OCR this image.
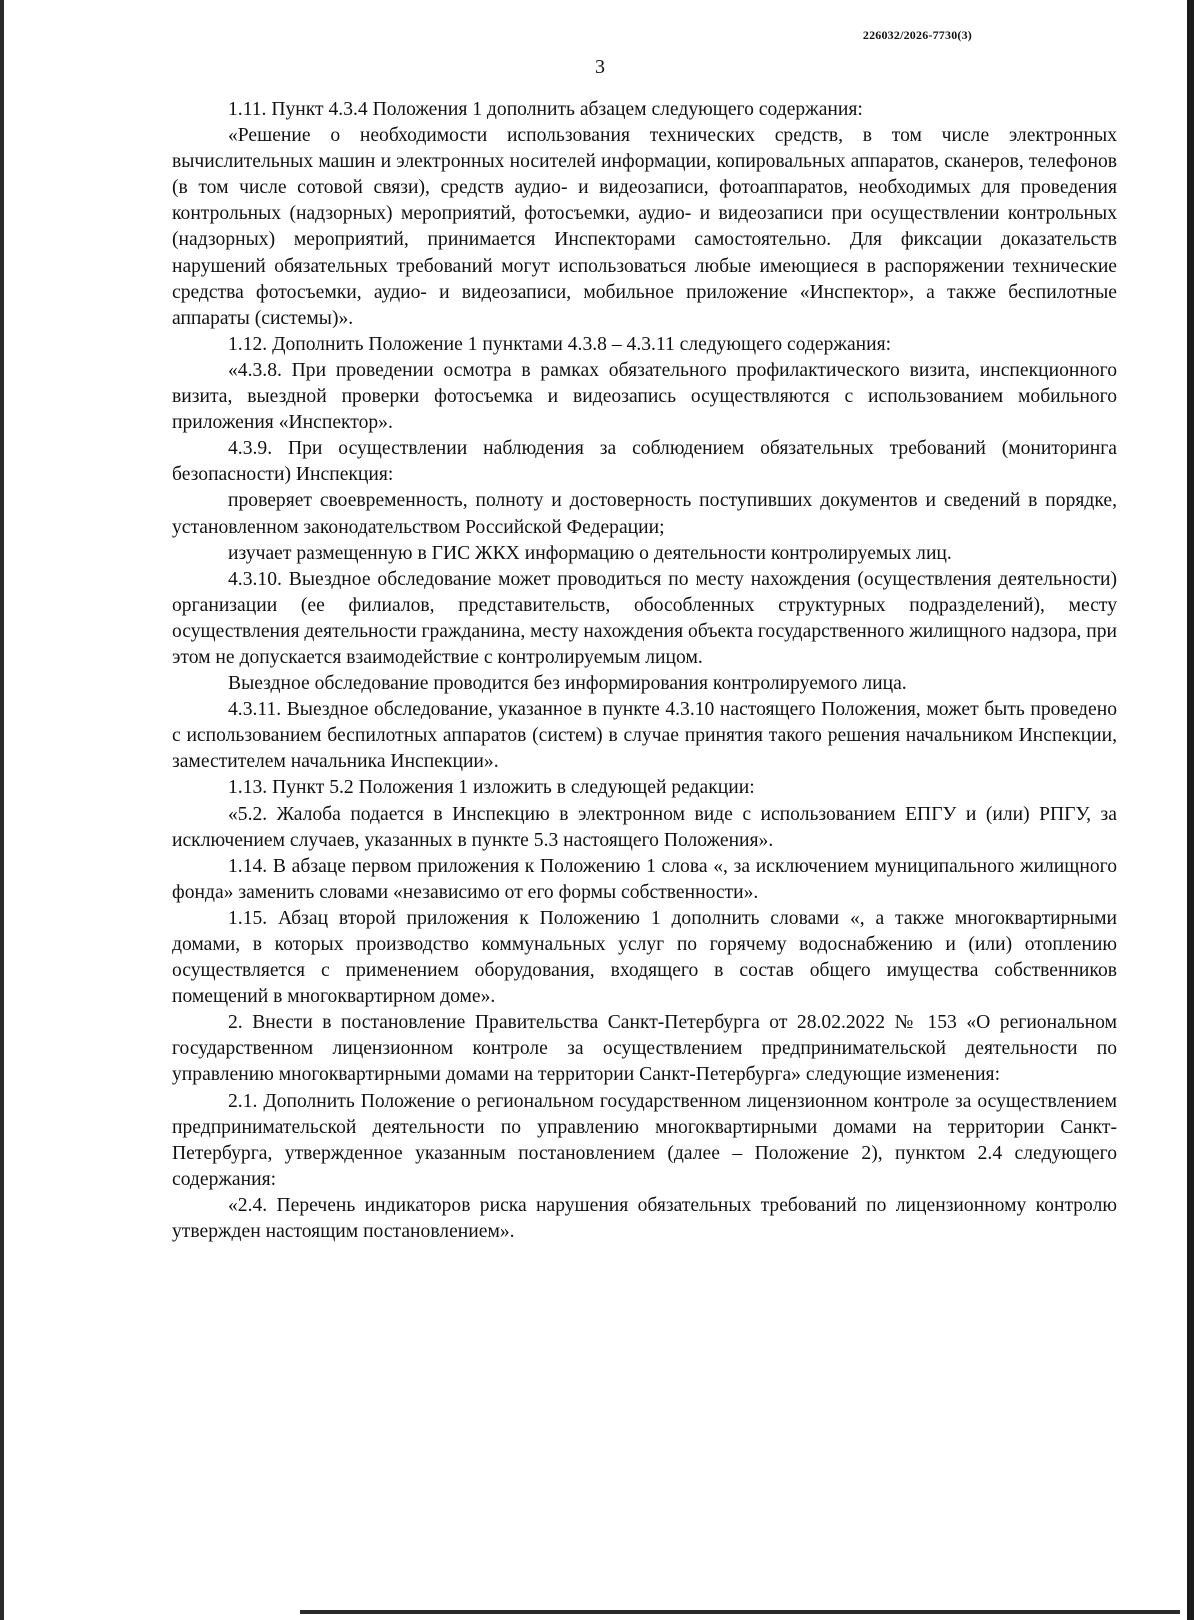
226032/2026-7730(3)
3

1.11. Пункт 4.3.4 Положения 1 дополнить абзацем следующего содержания:

«Решение о необходимости использования технических средств, в том числе электронных вычислительных машин и электронных носителей информации, копировальных аппаратов, сканеров, телефонов (в том числе сотовой связи), средств аудио- и видеозаписи, фотоаппаратов, необходимых для проведения контрольных (надзорных) мероприятий, фотосъемки, аудио- и видеозаписи при осуществлении контрольных (надзорных) мероприятий, принимается Инспекторами самостоятельно. Для фиксации доказательств нарушений обязательных требований могут использоваться любые имеющиеся в распоряжении технические средства фотосъемки, аудио- и видеозаписи, мобильное приложение «Инспектор», а также беспилотные аппараты (системы)».

1.12. Дополнить Положение 1 пунктами 4.3.8 – 4.3.11 следующего содержания:

«4.3.8. При проведении осмотра в рамках обязательного профилактического визита, инспекционного визита, выездной проверки фотосъемка и видеозапись осуществляются с использованием мобильного приложения «Инспектор».

4.3.9. При осуществлении наблюдения за соблюдением обязательных требований (мониторинга безопасности) Инспекция:

проверяет своевременность, полноту и достоверность поступивших документов и сведений в порядке, установленном законодательством Российской Федерации;

изучает размещенную в ГИС ЖКХ информацию о деятельности контролируемых лиц.

4.3.10. Выездное обследование может проводиться по месту нахождения (осуществления деятельности) организации (ее филиалов, представительств, обособленных структурных подразделений), месту осуществления деятельности гражданина, месту нахождения объекта государственного жилищного надзора, при этом не допускается взаимодействие с контролируемым лицом.

Выездное обследование проводится без информирования контролируемого лица.

4.3.11. Выездное обследование, указанное в пункте 4.3.10 настоящего Положения, может быть проведено с использованием беспилотных аппаратов (систем) в случае принятия такого решения начальником Инспекции, заместителем начальника Инспекции».

1.13. Пункт 5.2 Положения 1 изложить в следующей редакции:

«5.2. Жалоба подается в Инспекцию в электронном виде с использованием ЕПГУ и (или) РПГУ, за исключением случаев, указанных в пункте 5.3 настоящего Положения».

1.14. В абзаце первом приложения к Положению 1 слова «, за исключением муниципального жилищного фонда» заменить словами «независимо от его формы собственности».

1.15. Абзац второй приложения к Положению 1 дополнить словами «, а также многоквартирными домами, в которых производство коммунальных услуг по горячему водоснабжению и (или) отоплению осуществляется с применением оборудования, входящего в состав общего имущества собственников помещений в многоквартирном доме».

2. Внести в постановление Правительства Санкт-Петербурга от 28.02.2022 № 153 «О региональном государственном лицензионном контроле за осуществлением предпринимательской деятельности по управлению многоквартирными домами на территории Санкт-Петербурга» следующие изменения:

2.1. Дополнить Положение о региональном государственном лицензионном контроле за осуществлением предпринимательской деятельности по управлению многоквартирными домами на территории Санкт-Петербурга, утвержденное указанным постановлением (далее – Положение 2), пунктом 2.4 следующего содержания:

«2.4. Перечень индикаторов риска нарушения обязательных требований по лицензионному контролю утвержден настоящим постановлением».
